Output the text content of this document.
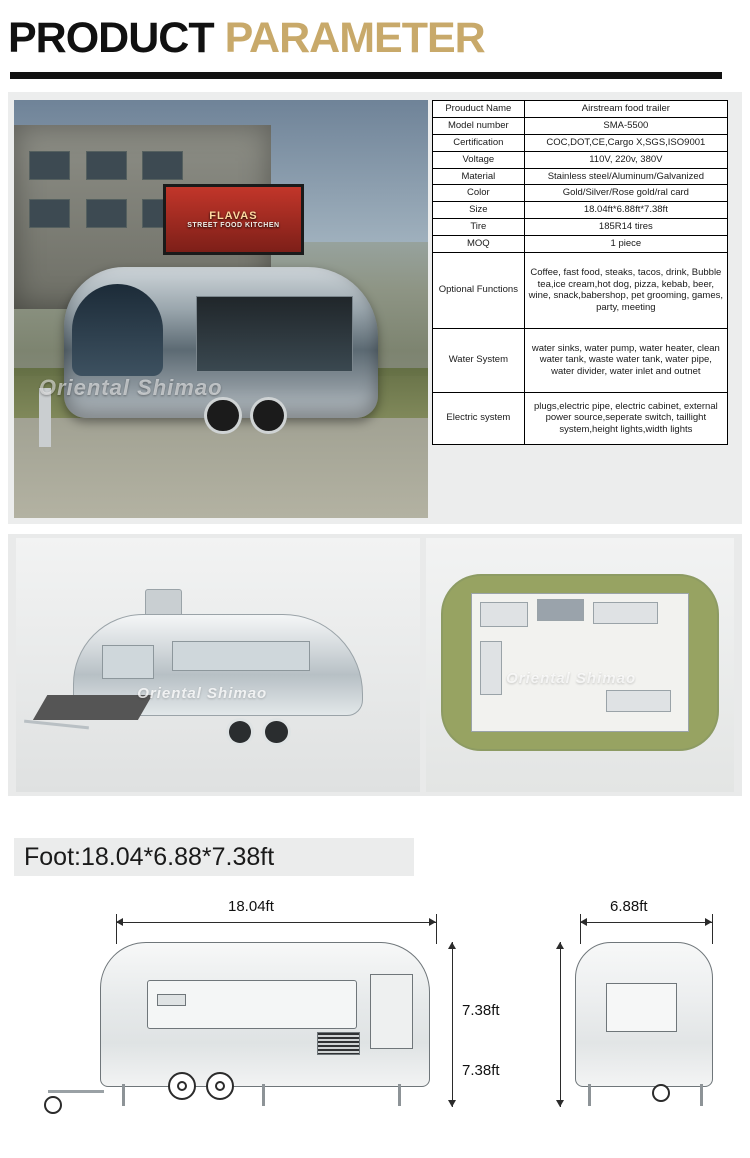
PRODUCT PARAMETER
FLAVAS
STREET FOOD KITCHEN
Oriental Shimao
Prouduct Name	Airstream food trailer
Model number	SMA-5500
Certification	COC,DOT,CE,Cargo X,SGS,ISO9001
Voltage	110V, 220v, 380V
Material	Stainless steel/Aluminum/Galvanized
Color	Gold/Silver/Rose gold/ral card
Size	18.04ft*6.88ft*7.38ft
Tire	185R14 tires
MOQ	1 piece
Optional Functions	Coffee, fast food, steaks, tacos, drink, Bubble tea,ice cream,hot dog, pizza, kebab, beer, wine, snack,babershop, pet grooming, games, party, meeting
Water System	water sinks, water pump, water heater, clean water tank, waste water tank, water pipe, water divider, water inlet and outnet
Electric system	plugs,electric pipe, electric cabinet, external power source,seperate switch, taillight system,height lights,width lights
Oriental Shimao
Oriental Shimao
Foot:18.04*6.88*7.38ft
18.04ft	6.88ft
7.38ft
7.38ft
